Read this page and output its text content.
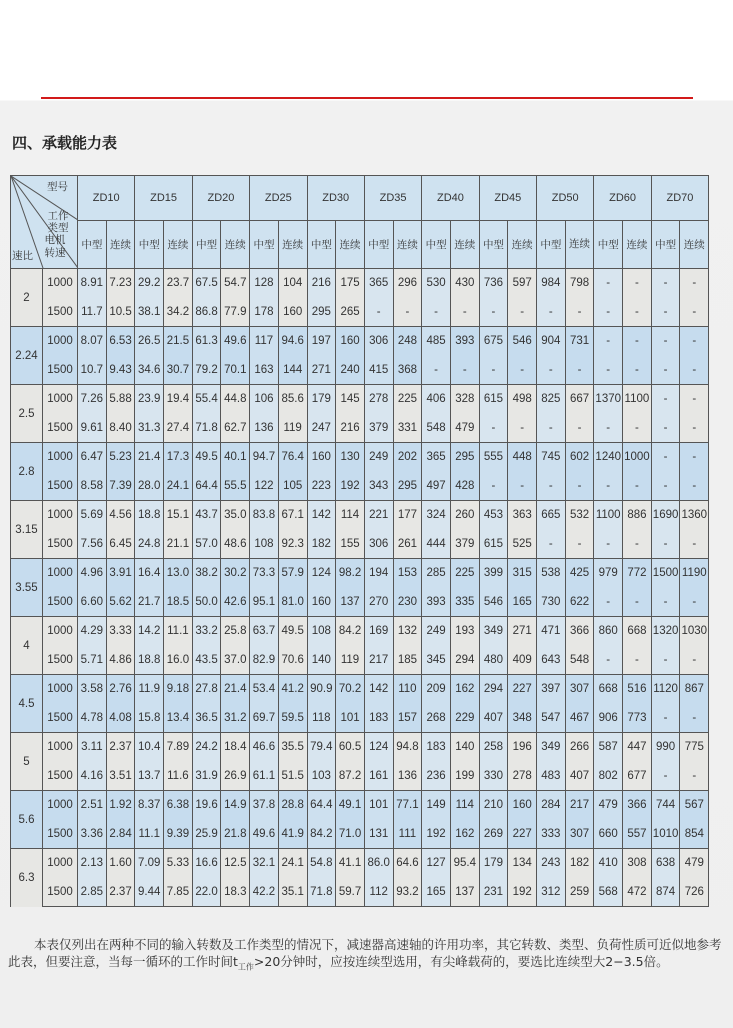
四、承载能力表
型号
工作类型
电机转速
速比		ZD10		ZD15		ZD20		ZD25		ZD30		ZD35		ZD40		ZD45		ZD50		ZD60		ZD70	
		中型	连续	中型	连续	中型	连续	中型	连续	中型	连续	中型	连续	中型	连续	中型	连续	中型	连续	中型	连续	中型	连续
2	1000	8.91	7.23	29.2	23.7	67.5	54.7	128	104	216	175	365	296	530	430	736	597	984	798	-	-	-	-
	1500	11.7	10.5	38.1	34.2	86.8	77.9	178	160	295	265	-	-	-	-	-	-	-	-	-	-	-	-
2.24	1000	8.07	6.53	26.5	21.5	61.3	49.6	117	94.6	197	160	306	248	485	393	675	546	904	731	-	-	-	-
	1500	10.7	9.43	34.6	30.7	79.2	70.1	163	144	271	240	415	368	-	-	-	-	-	-	-	-	-	-
2.5	1000	7.26	5.88	23.9	19.4	55.4	44.8	106	85.6	179	145	278	225	406	328	615	498	825	667	1370	1100	-	-
	1500	9.61	8.40	31.3	27.4	71.8	62.7	136	119	247	216	379	331	548	479	-	-	-	-	-	-	-	-
2.8	1000	6.47	5.23	21.4	17.3	49.5	40.1	94.7	76.4	160	130	249	202	365	295	555	448	745	602	1240	1000	-	-
	1500	8.58	7.39	28.0	24.1	64.4	55.5	122	105	223	192	343	295	497	428	-	-	-	-	-	-	-	-
3.15	1000	5.69	4.56	18.8	15.1	43.7	35.0	83.8	67.1	142	114	221	177	324	260	453	363	665	532	1100	886	1690	1360
	1500	7.56	6.45	24.8	21.1	57.0	48.6	108	92.3	182	155	306	261	444	379	615	525	-	-	-	-	-	-
3.55	1000	4.96	3.91	16.4	13.0	38.2	30.2	73.3	57.9	124	98.2	194	153	285	225	399	315	538	425	979	772	1500	1190
	1500	6.60	5.62	21.7	18.5	50.0	42.6	95.1	81.0	160	137	270	230	393	335	546	165	730	622	-	-	-	-
4	1000	4.29	3.33	14.2	11.1	33.2	25.8	63.7	49.5	108	84.2	169	132	249	193	349	271	471	366	860	668	1320	1030
	1500	5.71	4.86	18.8	16.0	43.5	37.0	82.9	70.6	140	119	217	185	345	294	480	409	643	548	-	-	-	-
4.5	1000	3.58	2.76	11.9	9.18	27.8	21.4	53.4	41.2	90.9	70.2	142	110	209	162	294	227	397	307	668	516	1120	867
	1500	4.78	4.08	15.8	13.4	36.5	31.2	69.7	59.5	118	101	183	157	268	229	407	348	547	467	906	773	-	-
5	1000	3.11	2.37	10.4	7.89	24.2	18.4	46.6	35.5	79.4	60.5	124	94.8	183	140	258	196	349	266	587	447	990	775
	1500	4.16	3.51	13.7	11.6	31.9	26.9	61.1	51.5	103	87.2	161	136	236	199	330	278	483	407	802	677	-	-
5.6	1000	2.51	1.92	8.37	6.38	19.6	14.9	37.8	28.8	64.4	49.1	101	77.1	149	114	210	160	284	217	479	366	744	567
	1500	3.36	2.84	11.1	9.39	25.9	21.8	49.6	41.9	84.2	71.0	131	111	192	162	269	227	333	307	660	557	1010	854
6.3	1000	2.13	1.60	7.09	5.33	16.6	12.5	32.1	24.1	54.8	41.1	86.0	64.6	127	95.4	179	134	243	182	410	308	638	479
	1500	2.85	2.37	9.44	7.85	22.0	18.3	42.2	35.1	71.8	59.7	112	93.2	165	137	231	192	312	259	568	472	874	726
本表仅列出在两种不同的输入转数及工作类型的情况下，减速器高速轴的许用功率，其它转数、类型、负荷性质可近似地参考此表，但要注意，当每一循环的工作时间$t_{工作}>20$分钟时，应按连续型选用，有尖峰载荷的，要选比连续型大2−3.5倍。
